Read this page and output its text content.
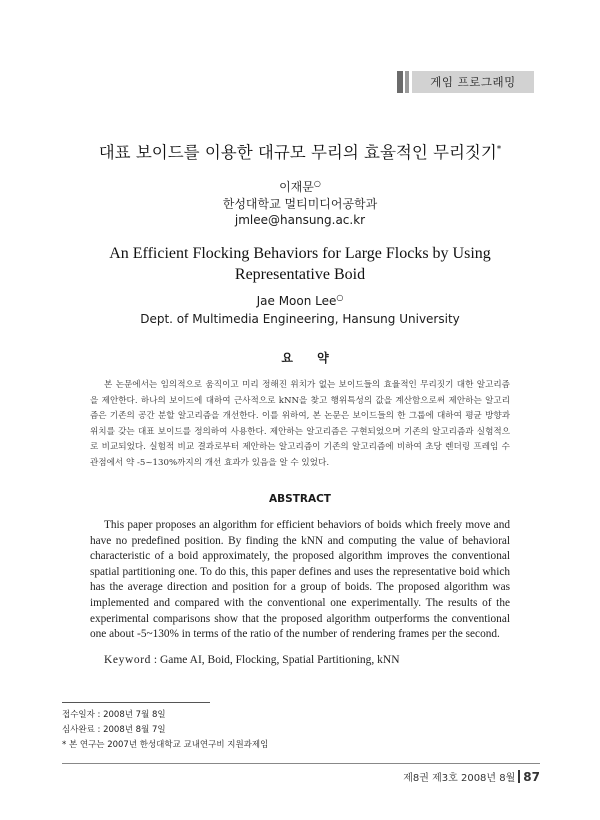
게임 프로그래밍
대표 보이드를 이용한 대규모 무리의 효율적인 무리짓기*
이재문○
한성대학교 멀티미디어공학과
jmlee@hansung.ac.kr
An Efficient Flocking Behaviors for Large Flocks by Using Representative Boid
Jae Moon Lee○
Dept. of Multimedia Engineering, Hansung University
요 약
본 논문에서는 임의적으로 움직이고 미리 정해진 위치가 없는 보이드들의 효율적인 무리짓기 대한 알고리즘을 제안한다. 하나의 보이드에 대하여 근사적으로 kNN을 찾고 행위특성의 값을 계산함으로써 제안하는 알고리즘은 기존의 공간 분할 알고리즘을 개선한다. 이를 위하여, 본 논문은 보이드들의 한 그룹에 대하여 평균 방향과 위치를 갖는 대표 보이드를 정의하여 사용한다. 제안하는 알고리즘은 구현되었으며 기존의 알고리즘과 실험적으로 비교되었다. 실험적 비교 결과로부터 제안하는 알고리즘이 기존의 알고리즘에 비하여 초당 렌더링 프레임 수 관점에서 약 -5~130%까지의 개선 효과가 있음을 알 수 있었다.
ABSTRACT
This paper proposes an algorithm for efficient behaviors of boids which freely move and have no predefined position. By finding the kNN and computing the value of behavioral characteristic of a boid approximately, the proposed algorithm improves the conventional spatial partitioning one. To do this, this paper defines and uses the representative boid which has the average direction and position for a group of boids. The proposed algorithm was implemented and compared with the conventional one experimentally. The results of the experimental comparisons show that the proposed algorithm outperforms the conventional one about -5~130% in terms of the ratio of the number of rendering frames per the second.
Keyword : Game AI, Boid, Flocking, Spatial Partitioning, kNN
접수일자 : 2008년 7월 8일
심사완료 : 2008년 8월 7일
* 본 연구는 2007년 한성대학교 교내연구비 지원과제임
제8권 제3호 2008년 8월 87
